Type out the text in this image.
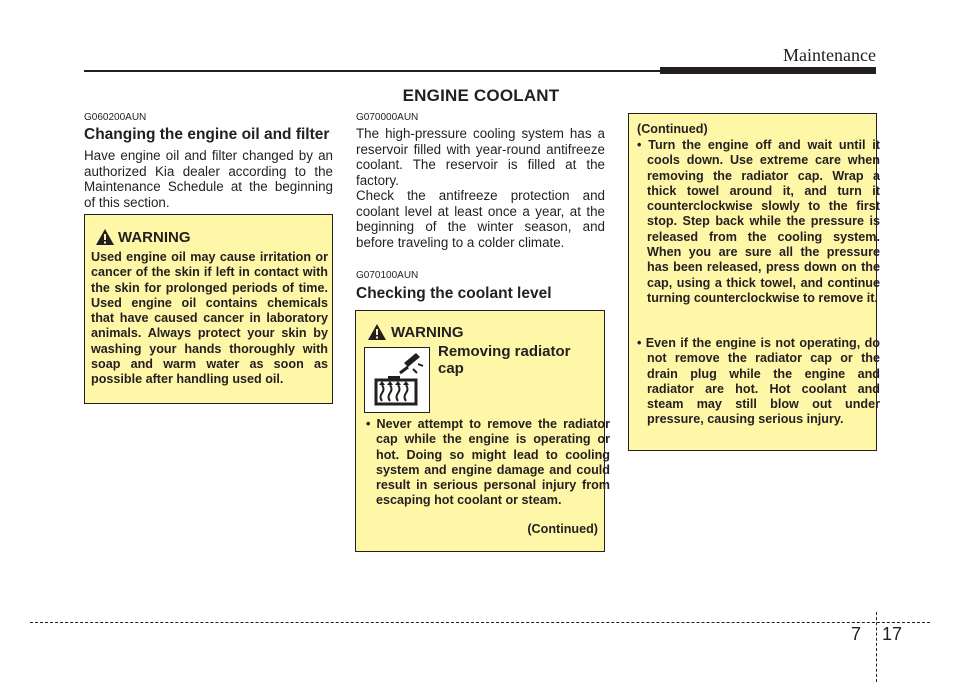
Maintenance
ENGINE COOLANT
G060200AUN
Changing the engine oil and filter

Have engine oil and filter changed by an authorized Kia dealer according to the Maintenance Schedule at the beginning of this section.

WARNING

Used engine oil may cause irritation or cancer of the skin if left in contact with the skin for prolonged periods of time. Used engine oil contains chemicals that have caused cancer in laboratory animals. Always protect your skin by washing your hands thoroughly with soap and warm water as soon as possible after handling used oil.

G070000AUN

The high-pressure cooling system has a reservoir filled with year-round antifreeze coolant. The reservoir is filled at the factory.

Check the antifreeze protection and coolant level at least once a year, at the beginning of the winter season, and before traveling to a colder climate.

G070100AUN
Checking the coolant level
WARNING
Removing radiator
cap

• Never attempt to remove the radiator cap while the engine is operating or hot. Doing so might lead to cooling system and engine damage and could result in serious personal injury from escaping hot coolant or steam.

(Continued)
(Continued)

• Turn the engine off and wait until it cools down. Use extreme care when removing the radiator cap. Wrap a thick towel around it, and turn it counterclockwise slowly to the first stop. Step back while the pressure is released from the cooling system. When you are sure all the pressure has been released, press down on the cap, using a thick towel, and continue turning counterclockwise to remove it.

• Even if the engine is not operating, do not remove the radiator cap or the drain plug while the engine and radiator are hot. Hot coolant and steam may still blow out under pressure, causing serious injury.

7 17
